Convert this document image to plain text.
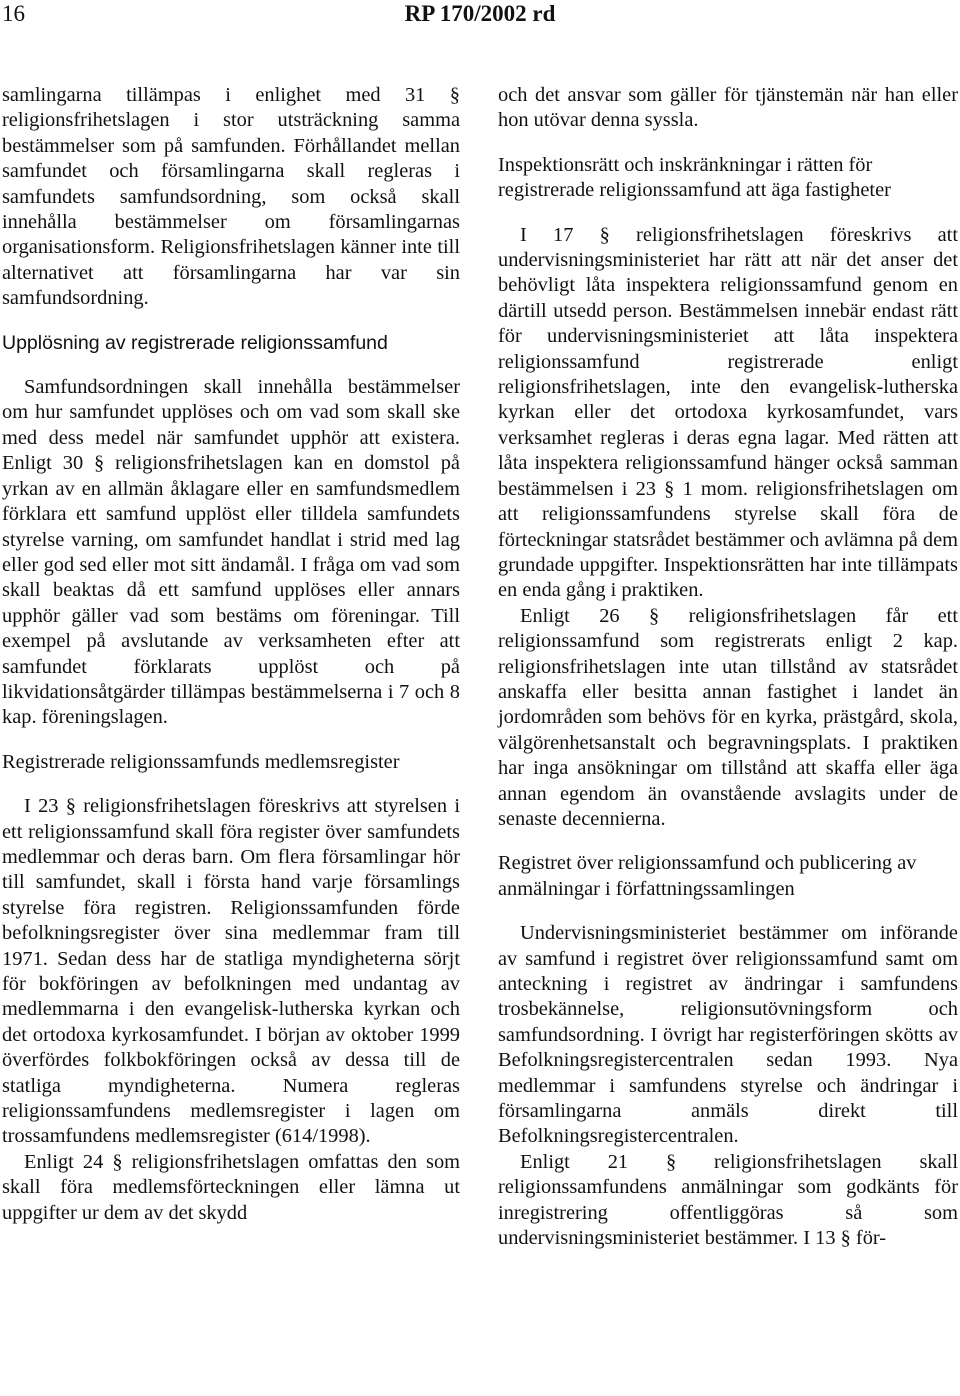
16	RP 170/2002 rd

samlingarna tillämpas i enlighet med 31 § religionsfrihetslagen i stor utsträckning samma bestämmelser som på samfunden. Förhållandet mellan samfundet och församlingarna skall regleras i samfundets samfundsordning, som också skall innehålla bestämmelser om församlingarnas organisationsform. Religionsfrihetslagen känner inte till alternativet att församlingarna har var sin samfundsordning.

Upplösning av registrerade religionssamfund

Samfundsordningen skall innehålla bestämmelser om hur samfundet upplöses och om vad som skall ske med dess medel när samfundet upphör att existera. Enligt 30 § religionsfrihetslagen kan en domstol på yrkan av en allmän åklagare eller en samfundsmedlem förklara ett samfund upplöst eller tilldela samfundets styrelse varning, om samfundet handlat i strid med lag eller god sed eller mot sitt ändamål. I fråga om vad som skall beaktas då ett samfund upplöses eller annars upphör gäller vad som bestäms om föreningar. Till exempel på avslutande av verksamheten efter att samfundet förklarats upplöst och på likvidationsåtgärder tillämpas bestämmelserna i 7 och 8 kap. föreningslagen.

Registrerade religionssamfunds medlemsregister

I 23 § religionsfrihetslagen föreskrivs att styrelsen i ett religionssamfund skall föra register över samfundets medlemmar och deras barn. Om flera församlingar hör till samfundet, skall i första hand varje församlings styrelse föra registren. Religionssamfunden förde befolkningsregister över sina medlemmar fram till 1971. Sedan dess har de statliga myndigheterna sörjt för bokföringen av befolkningen med undantag av medlemmarna i den evangelisk-lutherska kyrkan och det ortodoxa kyrkosamfundet. I början av oktober 1999 överfördes folkbokföringen också av dessa till de statliga myndigheterna. Numera regleras religionssamfundens medlemsregister i lagen om trossamfundens medlemsregister (614/1998).

Enligt 24 § religionsfrihetslagen omfattas den som skall föra medlemsförteckningen eller lämna ut uppgifter ur dem av det skydd

och det ansvar som gäller för tjänstemän när han eller hon utövar denna syssla.

Inspektionsrätt och inskränkningar i rätten för registrerade religionssamfund att äga fastigheter

I 17 § religionsfrihetslagen föreskrivs att undervisningsministeriet har rätt att när det anser det behövligt låta inspektera religionssamfund genom en därtill utsedd person. Bestämmelsen innebär endast rätt för undervisningsministeriet att låta inspektera religionssamfund registrerade enligt religionsfrihetslagen, inte den evangelisk-lutherska kyrkan eller det ortodoxa kyrkosamfundet, vars verksamhet regleras i deras egna lagar. Med rätten att låta inspektera religionssamfund hänger också samman bestämmelsen i 23 § 1 mom. religionsfrihetslagen om att religionssamfundens styrelse skall föra de förteckningar statsrådet bestämmer och avlämna på dem grundade uppgifter. Inspektionsrätten har inte tillämpats en enda gång i praktiken.

Enligt 26 § religionsfrihetslagen får ett religionssamfund som registrerats enligt 2 kap. religionsfrihetslagen inte utan tillstånd av statsrådet anskaffa eller besitta annan fastighet i landet än jordområden som behövs för en kyrka, prästgård, skola, välgörenhetsanstalt och begravningsplats. I praktiken har inga ansökningar om tillstånd att skaffa eller äga annan egendom än ovanstående avslagits under de senaste decennierna.

Registret över religionssamfund och publicering av anmälningar i författningssamlingen

Undervisningsministeriet bestämmer om införande av samfund i registret över religionssamfund samt om anteckning i registret av ändringar i samfundens trosbekännelse, religionsutövningsform och samfundsordning. I övrigt har registerföringen skötts av Befolkningsregistercentralen sedan 1993. Nya medlemmar i samfundens styrelse och ändringar i församlingarna anmäls direkt till Befolkningsregistercentralen.

Enligt 21 § religionsfrihetslagen skall religionssamfundens anmälningar som godkänts för inregistrering offentliggöras så som undervisningsministeriet bestämmer. I 13 § för-
